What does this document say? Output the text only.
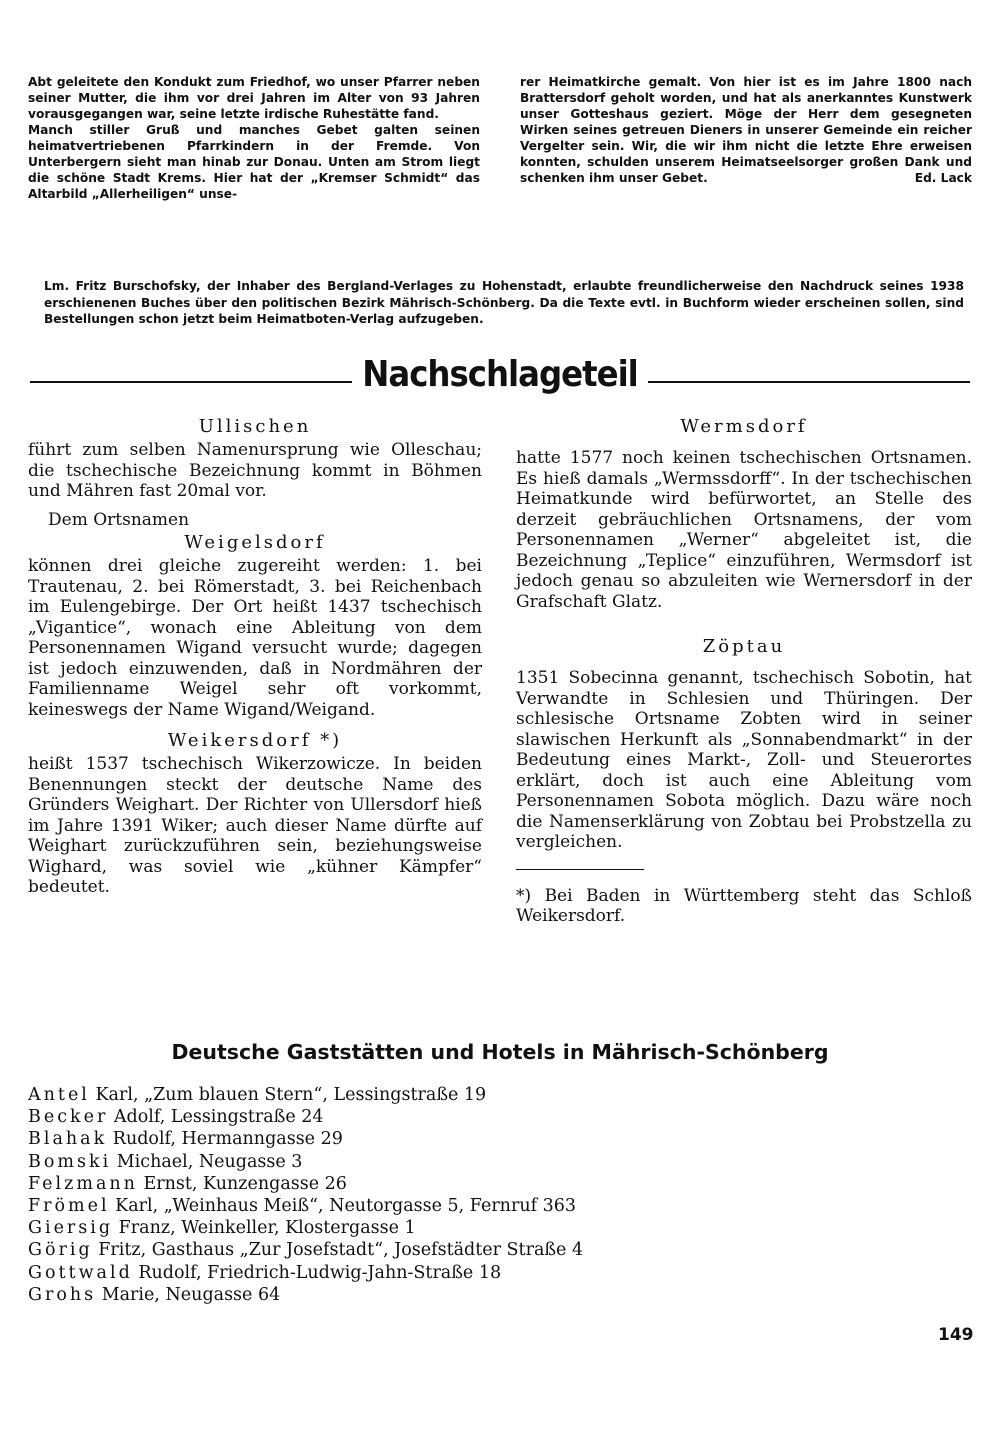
Abt geleitete den Kondukt zum Friedhof, wo unser Pfarrer neben seiner Mutter, die ihm vor drei Jahren im Alter von 93 Jahren vorausgegangen war, seine letzte irdische Ruhestätte fand.

Manch stiller Gruß und manches Gebet galten seinen heimatvertriebenen Pfarrkindern in der Fremde. Von Unterbergern sieht man hinab zur Donau. Unten am Strom liegt die schöne Stadt Krems. Hier hat der „Kremser Schmidt“ das Altarbild „Allerheiligen“ unse-

rer Heimatkirche gemalt. Von hier ist es im Jahre 1800 nach Brattersdorf geholt worden, und hat als anerkanntes Kunstwerk unser Gotteshaus geziert. Möge der Herr dem gesegneten Wirken seines getreuen Dieners in unserer Gemeinde ein reicher Vergelter sein. Wir, die wir ihm nicht die letzte Ehre erweisen konnten, schulden unserem Heimatseelsorger großen Dank und schenken ihm unser Gebet.	Ed. Lack

Lm. Fritz Burschofsky, der Inhaber des Bergland-Verlages zu Hohenstadt, erlaubte freundlicherweise den Nachdruck seines 1938 erschienenen Buches über den politischen Bezirk Mährisch-Schönberg. Da die Texte evtl. in Buchform wieder erscheinen sollen, sind Bestellungen schon jetzt beim Heimatboten-Verlag aufzugeben.
Nachschlageteil
Ullischen

führt zum selben Namenursprung wie Olleschau; die tschechische Bezeichnung kommt in Böhmen und Mähren fast 20mal vor.

Dem Ortsnamen

Weigelsdorf

können drei gleiche zugereiht werden: 1. bei Trautenau, 2. bei Römerstadt, 3. bei Reichenbach im Eulengebirge. Der Ort heißt 1437 tschechisch „Vigantice“, wonach eine Ableitung von dem Personennamen Wigand versucht wurde; dagegen ist jedoch einzuwenden, daß in Nordmähren der Familienname Weigel sehr oft vorkommt, keineswegs der Name Wigand/Weigand.

Weikersdorf *)

heißt 1537 tschechisch Wikerzowicze. In beiden Benennungen steckt der deutsche Name des Gründers Weighart. Der Richter von Ullersdorf hieß im Jahre 1391 Wiker; auch dieser Name dürfte auf Weighart zurückzuführen sein, beziehungsweise Wighard, was soviel wie „kühner Kämpfer“ bedeutet.

Wermsdorf

hatte 1577 noch keinen tschechischen Ortsnamen. Es hieß damals „Wermssdorff“. In der tschechischen Heimatkunde wird befürwortet, an Stelle des derzeit gebräuchlichen Ortsnamens, der vom Personennamen „Werner“ abgeleitet ist, die Bezeichnung „Teplice“ einzuführen, Wermsdorf ist jedoch genau so abzuleiten wie Wernersdorf in der Grafschaft Glatz.

Zöptau

1351 Sobecinna genannt, tschechisch Sobotin, hat Verwandte in Schlesien und Thüringen. Der schlesische Ortsname Zobten wird in seiner slawischen Herkunft als „Sonnabendmarkt“ in der Bedeutung eines Markt-, Zoll- und Steuerortes erklärt, doch ist auch eine Ableitung vom Personennamen Sobota möglich. Dazu wäre noch die Namenserklärung von Zobtau bei Probstzella zu vergleichen.

*) Bei Baden in Württemberg steht das Schloß Weikersdorf.

Deutsche Gaststätten und Hotels in Mährisch-Schönberg
Antel Karl, „Zum blauen Stern“, Lessingstraße 19
Becker Adolf, Lessingstraße 24
Blahak Rudolf, Hermanngasse 29
Bomski Michael, Neugasse 3
Felzmann Ernst, Kunzengasse 26
Frömel Karl, „Weinhaus Meiß“, Neutorgasse 5, Fernruf 363
Giersig Franz, Weinkeller, Klostergasse 1
Görig Fritz, Gasthaus „Zur Josefstadt“, Josefstädter Straße 4
Gottwald Rudolf, Friedrich-Ludwig-Jahn-Straße 18
Grohs Marie, Neugasse 64
149
